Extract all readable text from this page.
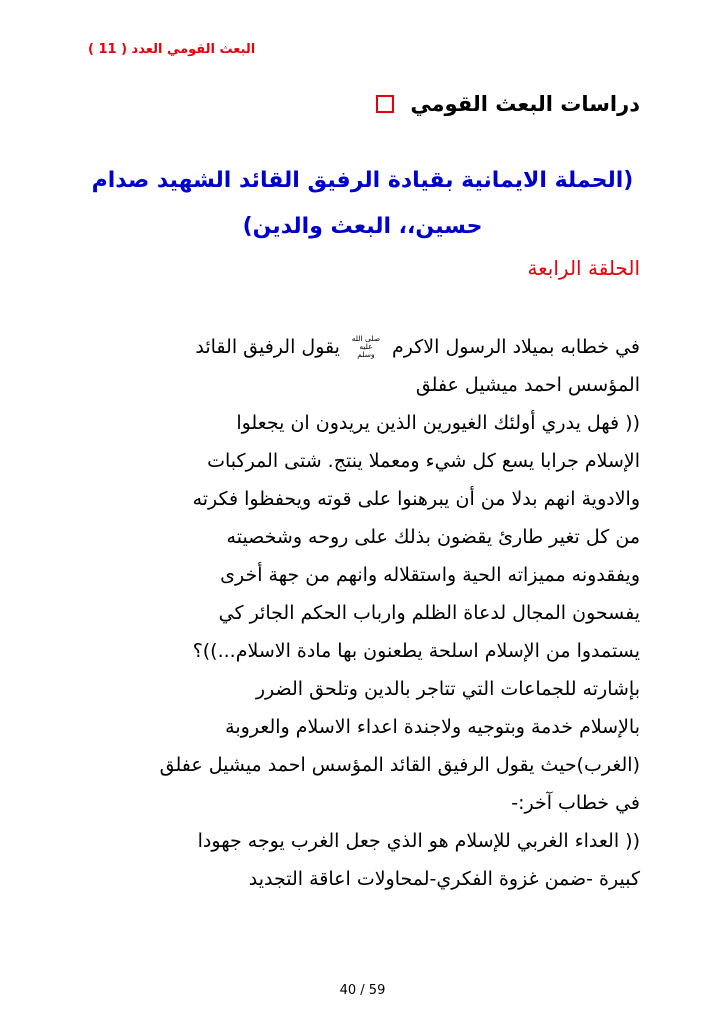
البعث القومي العدد ( 11 )
دراسات البعث القومي
(الحملة الايمانية بقيادة الرفيق القائد الشهيد صدام
حسين،، البعث والدين)
الحلقة الرابعة
في خطابه بميلاد الرسول الاكرم صلى الله عليه وسلم يقول الرفيق القائد
المؤسس احمد ميشيل عفلق
(( فهل يدري أولئك الغيورين الذين يريدون ان يجعلوا
الإسلام جرابا يسع كل شيء ومعملا ينتج. شتى المركبات
والادوية انهم بدلا من أن يبرهنوا على قوته ويحفظوا فكرته
من كل تغير طارئ يقضون بذلك على روحه وشخصيته
ويفقدونه مميزاته الحية واستقلاله وانهم من جهة أخرى
يفسحون المجال لدعاة الظلم وارباب الحكم الجائر كي
يستمدوا من الإسلام اسلحة يطعنون بها مادة الاسلام...))؟
بإشارته للجماعات التي تتاجر بالدين وتلحق الضرر
بالإسلام خدمة وبتوجيه ولاجندة اعداء الاسلام والعروبة
(الغرب)حيث يقول الرفيق القائد المؤسس احمد ميشيل عفلق
في خطاب آخر:-
(( العداء الغربي للإسلام هو الذي جعل الغرب يوجه جهودا
كبيرة -ضمن غزوة الفكري-لمحاولات اعاقة التجديد
40 / 59
